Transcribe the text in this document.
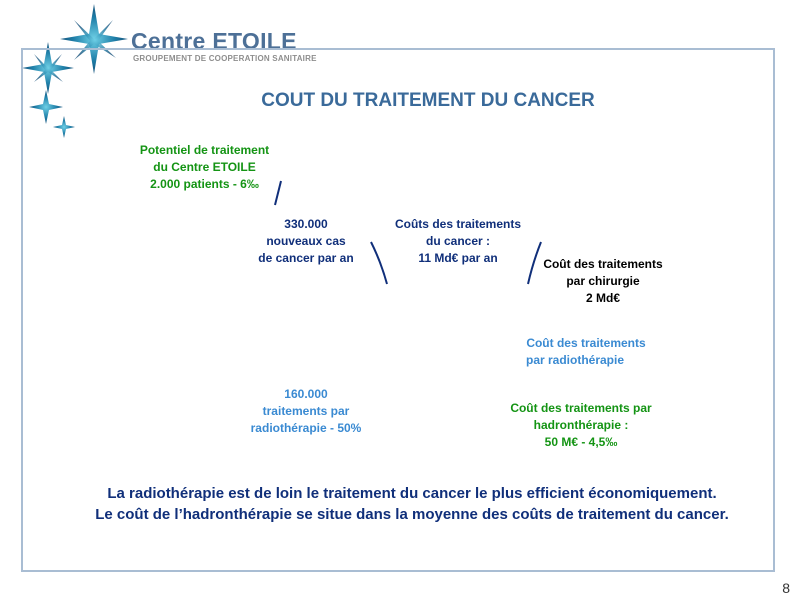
Centre ETOILE
GROUPEMENT DE COOPERATION SANITAIRE
COUT DU TRAITEMENT DU CANCER
Potentiel de traitement
du Centre ETOILE
2.000 patients - 6‰
330.000
nouveaux cas
de cancer par an
Coûts des traitements
du cancer :
11 Md€ par an	Coût des traitements
par chirurgie
2 Md€
Coût des traitements
par radiothérapie
160.000
traitements par
radiothérapie - 50%
Coût des traitements par
hadronthérapie :
50 M€ - 4,5‰
La radiothérapie est de loin le traitement du cancer le plus efficient économiquement.
Le coût de l’hadronthérapie se situe dans la moyenne des coûts de traitement du cancer.
8
